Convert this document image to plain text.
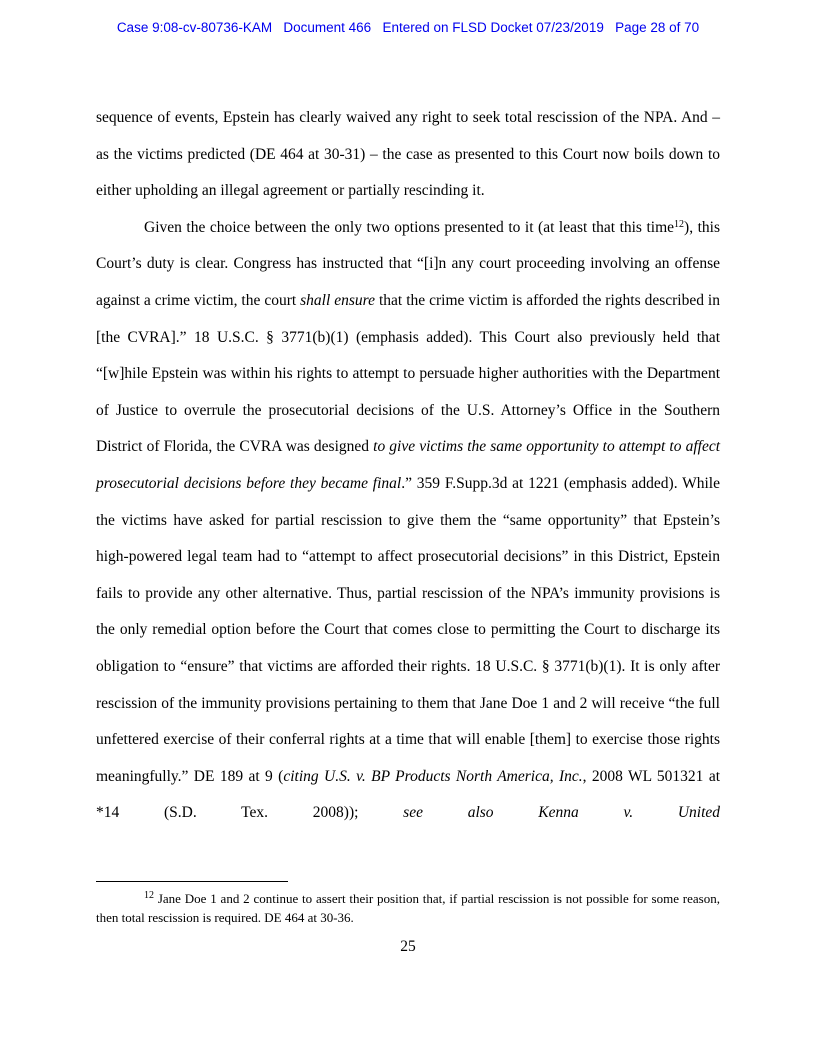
Case 9:08-cv-80736-KAM   Document 466   Entered on FLSD Docket 07/23/2019   Page 28 of 70

sequence of events, Epstein has clearly waived any right to seek total rescission of the NPA. And – as the victims predicted (DE 464 at 30-31) – the case as presented to this Court now boils down to either upholding an illegal agreement or partially rescinding it.

Given the choice between the only two options presented to it (at least that this time$^{12}$), this Court’s duty is clear. Congress has instructed that “[i]n any court proceeding involving an offense against a crime victim, the court shall ensure that the crime victim is afforded the rights described in [the CVRA].” 18 U.S.C. § 3771(b)(1) (emphasis added). This Court also previously held that “[w]hile Epstein was within his rights to attempt to persuade higher authorities with the Department of Justice to overrule the prosecutorial decisions of the U.S. Attorney’s Office in the Southern District of Florida, the CVRA was designed to give victims the same opportunity to attempt to affect prosecutorial decisions before they became final.” 359 F.Supp.3d at 1221 (emphasis added). While the victims have asked for partial rescission to give them the “same opportunity” that Epstein’s high-powered legal team had to “attempt to affect prosecutorial decisions” in this District, Epstein fails to provide any other alternative. Thus, partial rescission of the NPA’s immunity provisions is the only remedial option before the Court that comes close to permitting the Court to discharge its obligation to “ensure” that victims are afforded their rights. 18 U.S.C. § 3771(b)(1). It is only after rescission of the immunity provisions pertaining to them that Jane Doe 1 and 2 will receive “the full unfettered exercise of their conferral rights at a time that will enable [them] to exercise those rights meaningfully.” DE 189 at 9 (citing U.S. v. BP Products North America, Inc., 2008 WL 501321 at *14 (S.D. Tex. 2008)); see also Kenna v. United

$^{12}$ Jane Doe 1 and 2 continue to assert their position that, if partial rescission is not possible for some reason, then total rescission is required. DE 464 at 30-36.

25
